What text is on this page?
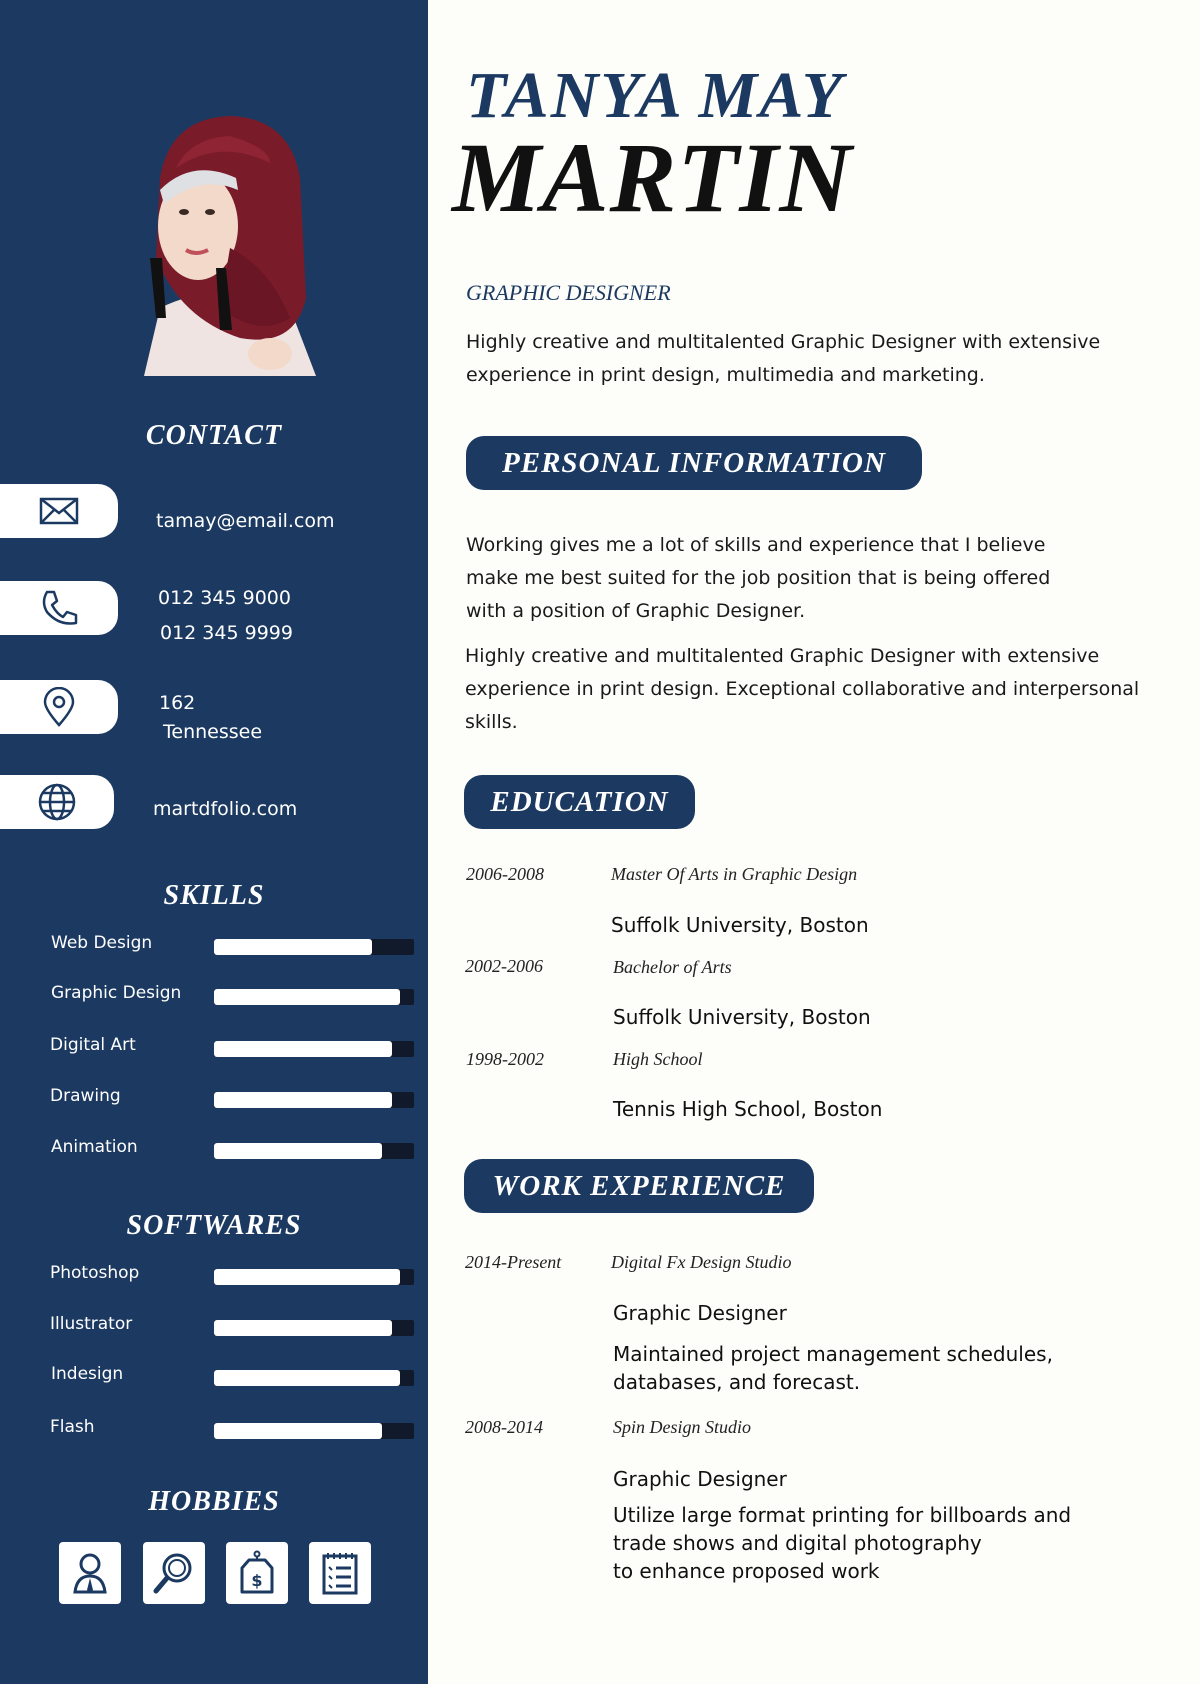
CONTACT
tamay@email.com
012 345 9000
012 345 9999
162
Tennessee
martdfolio.com
SKILLS
Web Design
Graphic Design
Digital Art
Drawing
Animation
SOFTWARES
Photoshop
Illustrator
Indesign
Flash
HOBBIES
$
TANYA MAY
MARTIN
GRAPHIC DESIGNER
Highly creative and multitalented Graphic Designer with extensive experience in print design, multimedia and marketing.
PERSONAL INFORMATION
Working gives me a lot of skills and experience that I believe
make me best suited for the job position that is being offered
with a position of Graphic Designer.
Highly creative and multitalented Graphic Designer with extensive
experience in print design. Exceptional collaborative and interpersonal
skills.
EDUCATION
2006-2008	Master Of Arts in Graphic Design
Suffolk University, Boston
2002-2006	Bachelor of Arts
Suffolk University, Boston
1998-2002	High School
Tennis High School, Boston
WORK EXPERIENCE
2014-Present	Digital Fx Design Studio
Graphic Designer
Maintained project management schedules,
databases, and forecast.
2008-2014	Spin Design Studio
Graphic Designer
Utilize large format printing for billboards and
trade shows and digital photography
to enhance proposed work
